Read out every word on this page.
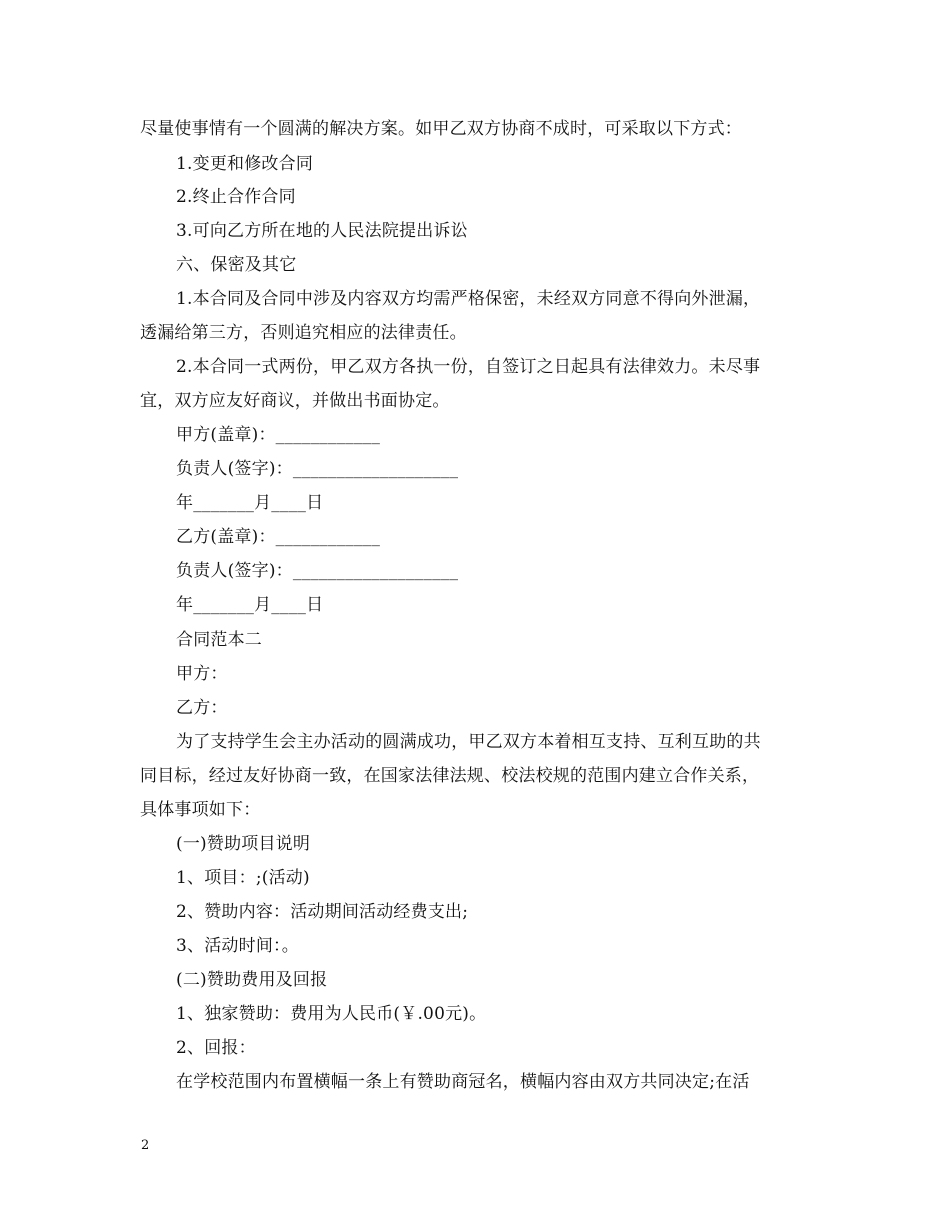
尽量使事情有一个圆满的解决方案。如甲乙双方协商不成时，可采取以下方式：
1.变更和修改合同
2.终止合作合同
3.可向乙方所在地的人民法院提出诉讼
六、保密及其它
1.本合同及合同中涉及内容双方均需严格保密，未经双方同意不得向外泄漏，
透漏给第三方，否则追究相应的法律责任。
2.本合同一式两份，甲乙双方各执一份，自签订之日起具有法律效力。未尽事
宜，双方应友好商议，并做出书面协定。
甲方(盖章)：____________
负责人(签字)：___________________
年_______月____日
乙方(盖章)：____________
负责人(签字)：___________________
年_______月____日
合同范本二
甲方：
乙方：
为了支持学生会主办活动的圆满成功，甲乙双方本着相互支持、互利互助的共
同目标，经过友好协商一致，在国家法律法规、校法校规的范围内建立合作关系，
具体事项如下：
(一)赞助项目说明
1、项目：;(活动)
2、赞助内容：活动期间活动经费支出;
3、活动时间：。
(二)赞助费用及回报
1、独家赞助：费用为人民币(￥.00元)。
2、回报：
在学校范围内布置横幅一条上有赞助商冠名，横幅内容由双方共同决定;在活
2
